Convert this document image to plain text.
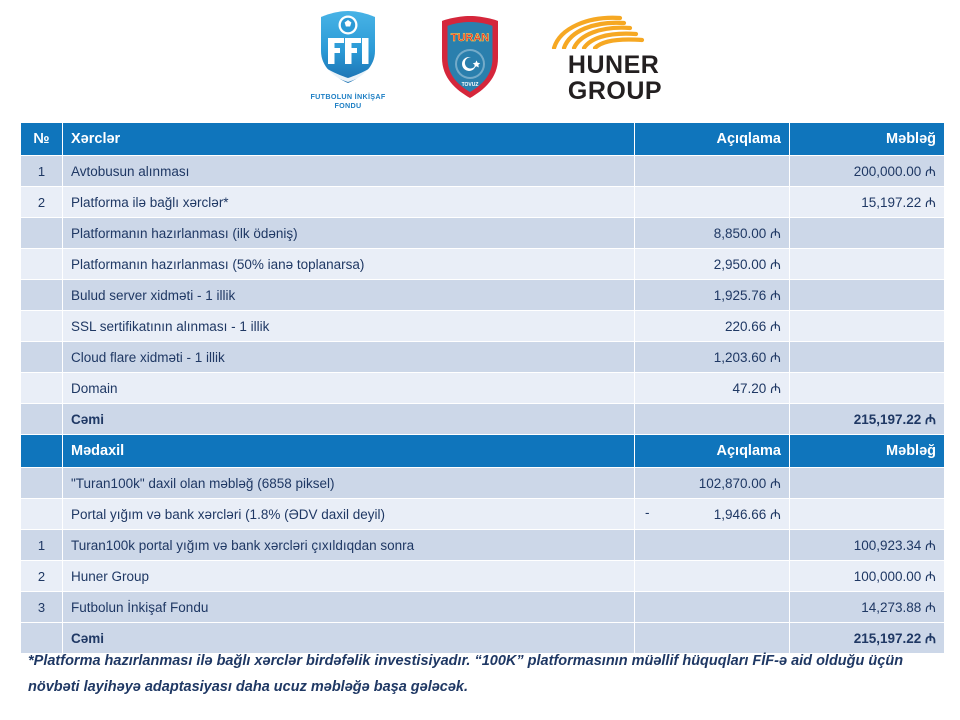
FUTBOLUN İNKİŞAF
FONDU
TURAN
TOVUZ
HUNER
GROUP
№	Xərclər	Açıqlama	Məbləğ
1	Avtobusun alınması		200,000.00 ₼
2	Platforma ilə bağlı xərclər*		15,197.22 ₼
	Platformanın hazırlanması (ilk ödəniş)	8,850.00 ₼	
	Platformanın hazırlanması (50% ianə toplanarsa)	2,950.00 ₼	
	Bulud server xidməti - 1 illik	1,925.76 ₼	
	SSL sertifikatının alınması - 1 illik	220.66 ₼	
	Cloud flare xidməti - 1 illik	1,203.60 ₼	
	Domain	47.20 ₼	
	Cəmi		215,197.22 ₼
	Mədaxil	Açıqlama	Məbləğ
	"Turan100k" daxil olan məbləğ (6858 piksel)	102,870.00 ₼	
	Portal yığım və bank xərcləri (1.8% (ƏDV daxil deyil)	- 1,946.66 ₼	
1	Turan100k portal yığım və bank xərcləri çıxıldıqdan sonra		100,923.34 ₼
2	Huner Group		100,000.00 ₼
3	Futbolun İnkişaf Fondu		14,273.88 ₼
	Cəmi		215,197.22 ₼
*Platforma hazırlanması ilə bağlı xərclər birdəfəlik investisiyadır. “100K” platformasının müəllif hüquqları FİF-ə aid olduğu üçün növbəti layihəyə adaptasiyası daha ucuz məbləğə başa gələcək.
